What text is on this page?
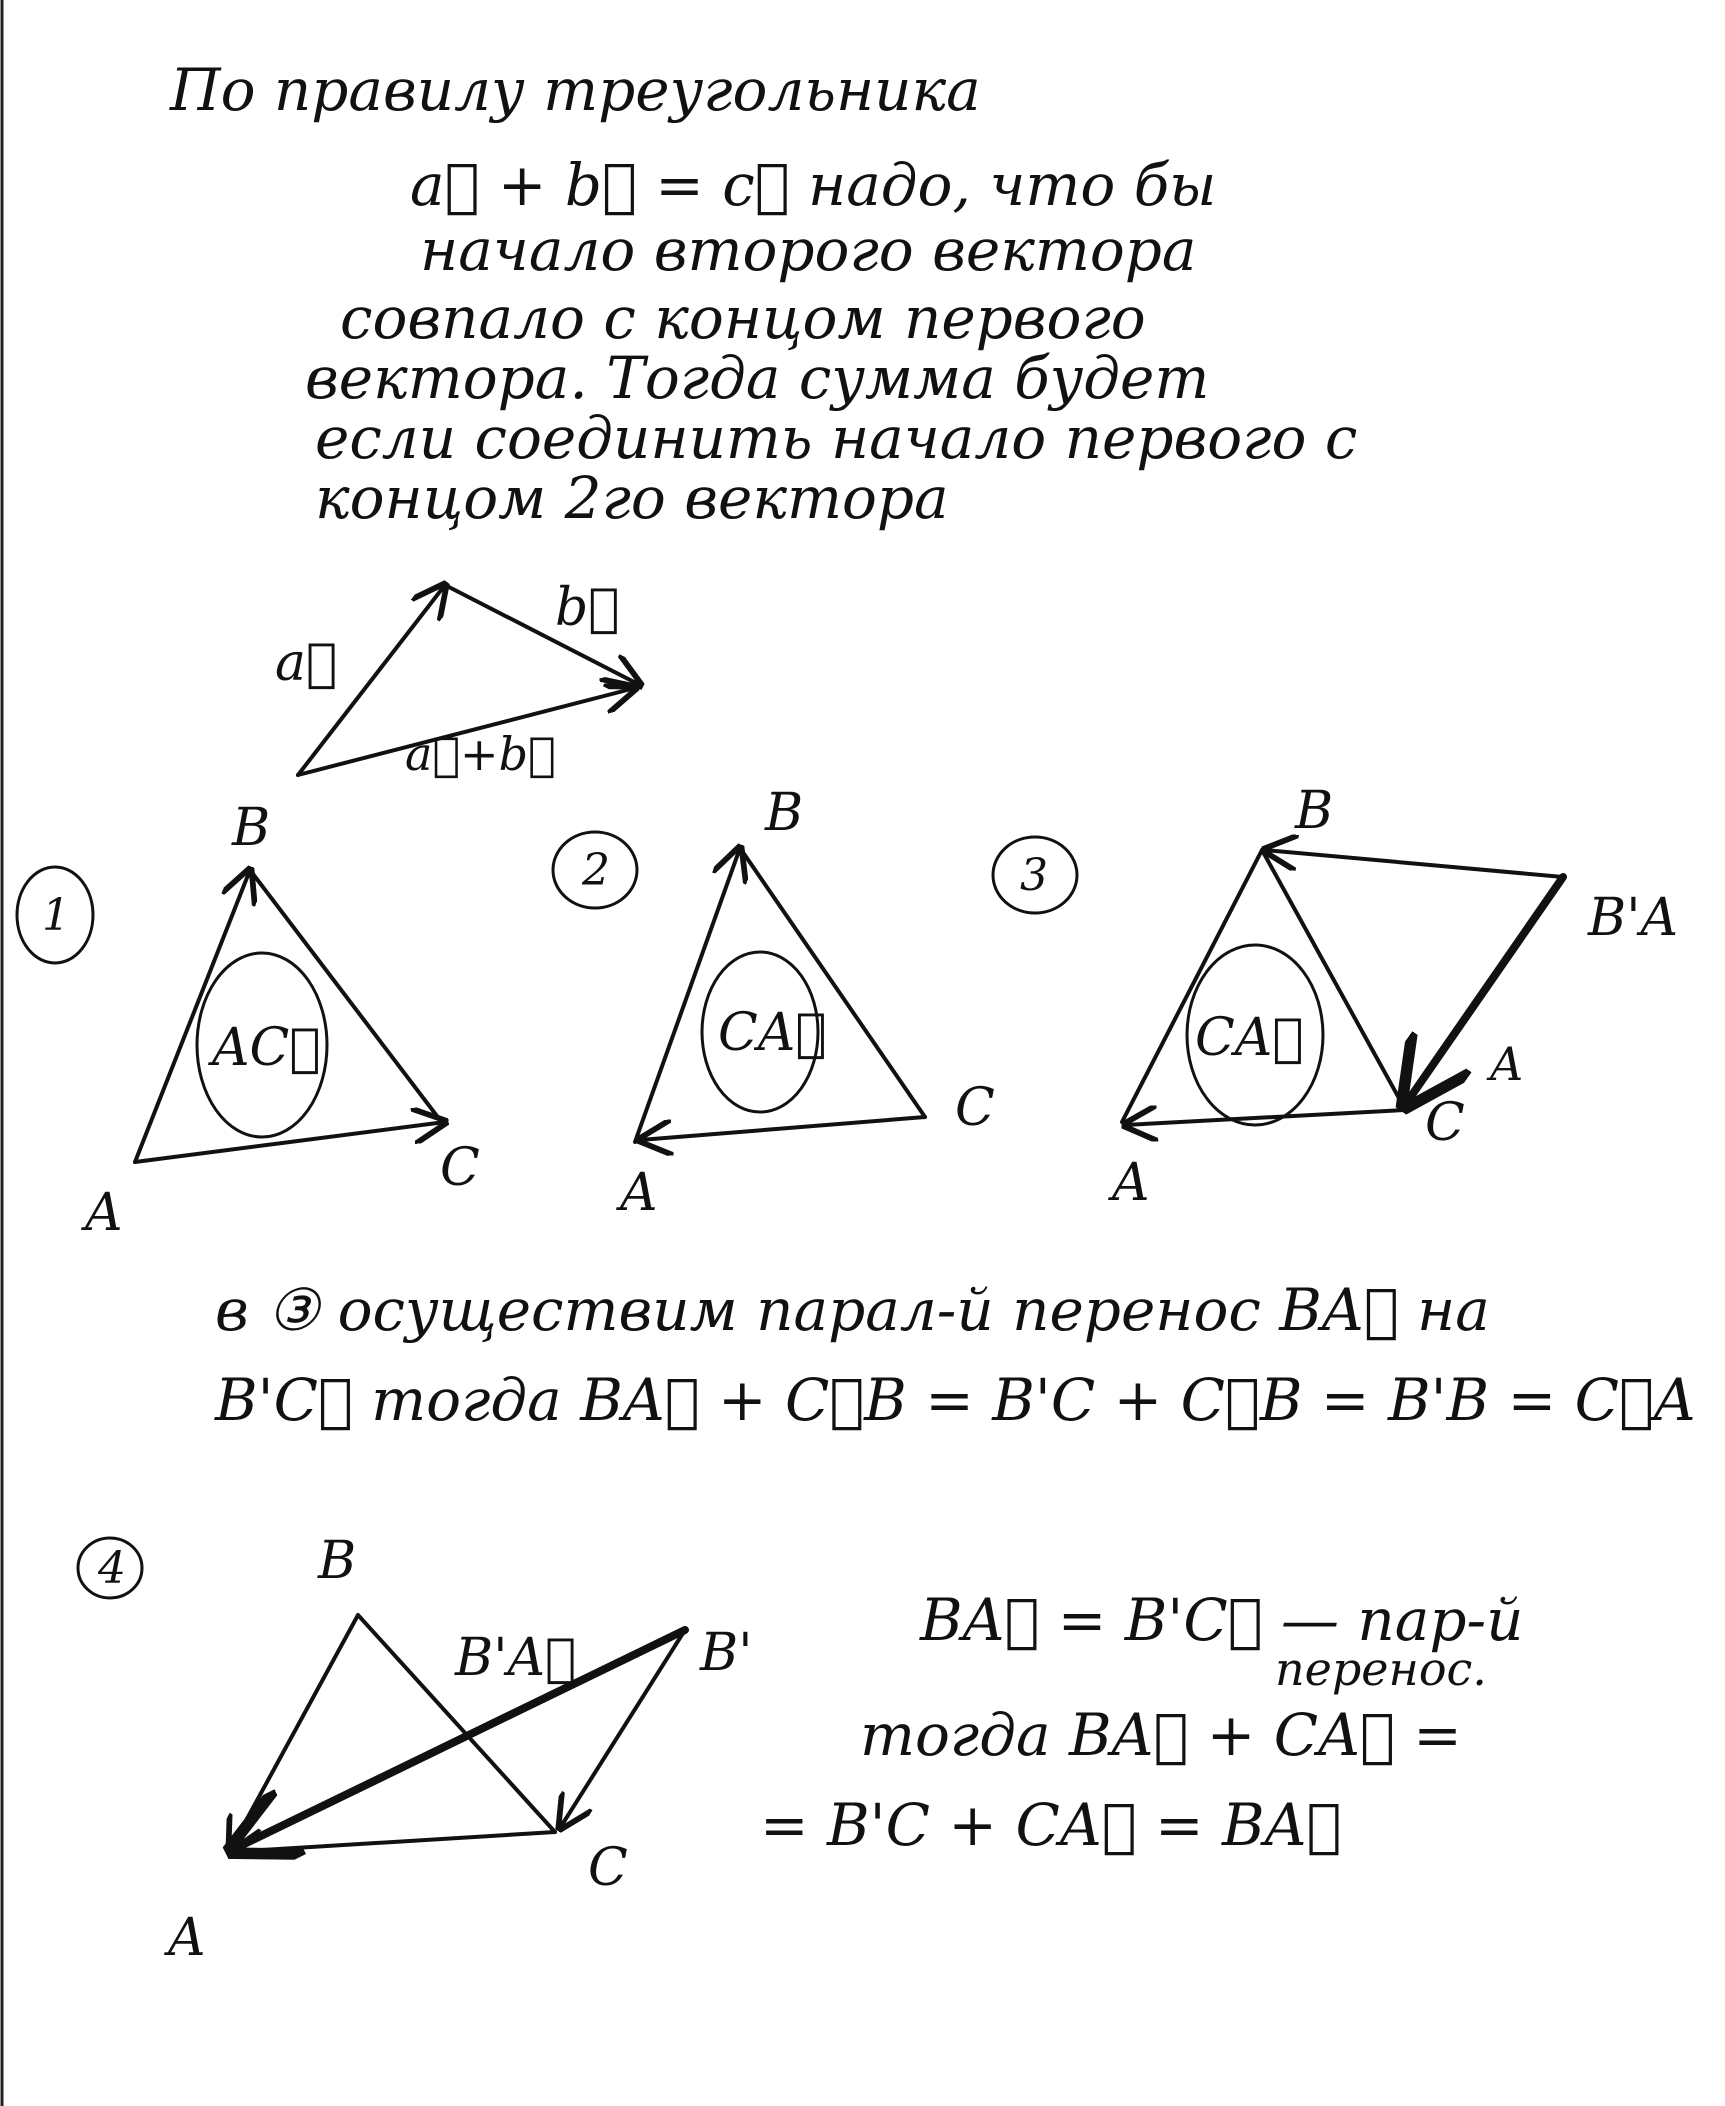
По правилу треугольника
a⃗ + b⃗ = c⃗ надо, что бы
начало второго вектора
совпало с концом первого
вектора. Тогда сумма будет
если соединить начало первого с
концом 2го вектора
a⃗
b⃗
a⃗+b⃗
1
AC⃗
B
A
C
2
CA⃗
B
A
C
3
CA⃗
B
A
C
B'A
A
в ③ осуществим парал-й перенос BA⃗ на
B'C⃗ тогда BA⃗ + C⃗B = B'C + C⃗B = B'B = C⃗A
4
B'A⃗
B
A
C
B'	BA⃗ = B'C⃗ — пар-й
перенос.
тогда BA⃗ + CA⃗ =
= B'C + CA⃗ = BA⃗
